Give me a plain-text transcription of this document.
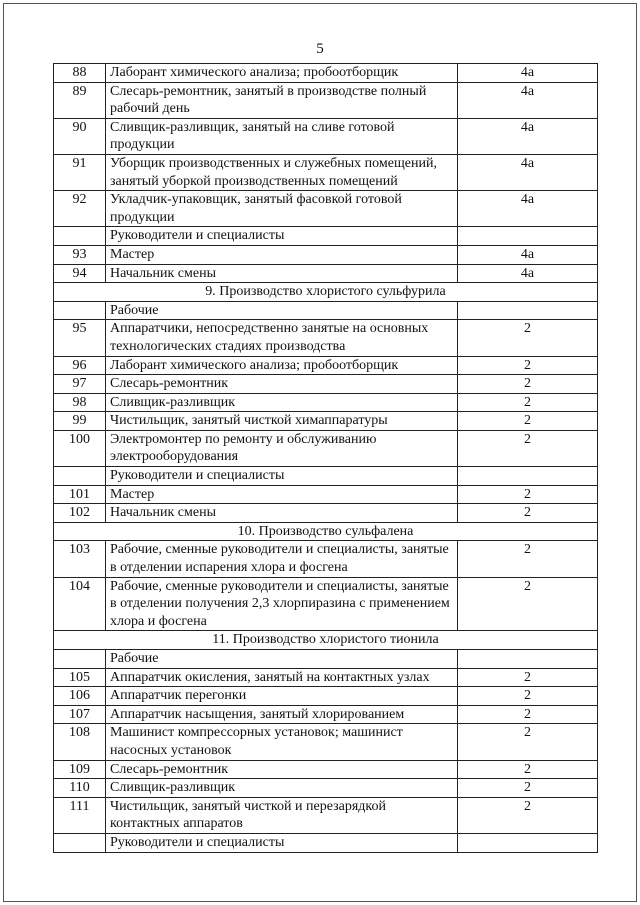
5
88	Лаборант химического анализа; пробоотборщик	4а
89	Слесарь-ремонтник, занятый в производстве полный рабочий день	4а
90	Сливщик-разливщик, занятый на сливе готовой продукции	4а
91	Уборщик производственных и служебных помещений, занятый уборкой производственных помещений	4а
92	Укладчик-упаковщик, занятый фасовкой готовой продукции	4а
	Руководители и специалисты	
93	Мастер	4а
94	Начальник смены	4а
9. Производство хлористого сульфурила		
	Рабочие	
95	Аппаратчики, непосредственно занятые на основных технологических стадиях производства	2
96	Лаборант химического анализа; пробоотборщик	2
97	Слесарь-ремонтник	2
98	Сливщик-разливщик	2
99	Чистильщик, занятый чисткой химаппаратуры	2
100	Электромонтер по ремонту и обслуживанию электрооборудования	2
	Руководители и специалисты	
101	Мастер	2
102	Начальник смены	2
10. Производство сульфалена		
103	Рабочие, сменные руководители и специалисты, занятые в отделении испарения хлора и фосгена	2
104	Рабочие, сменные руководители и специалисты, занятые в отделении получения 2,3 хлорпиразина с применением хлора и фосгена	2
11. Производство хлористого тионила		
	Рабочие	
105	Аппаратчик окисления, занятый на контактных узлах	2
106	Аппаратчик перегонки	2
107	Аппаратчик насыщения, занятый хлорированием	2
108	Машинист компрессорных установок; машинист насосных установок	2
109	Слесарь-ремонтник	2
110	Сливщик-разливщик	2
111	Чистильщик, занятый чисткой и перезарядкой контактных аппаратов	2
	Руководители и специалисты	
